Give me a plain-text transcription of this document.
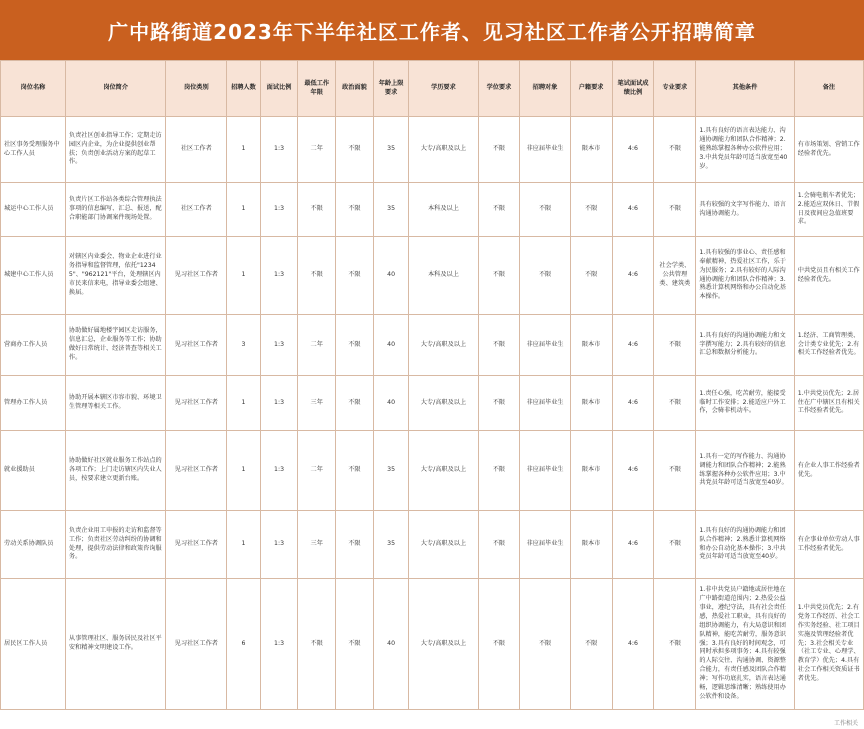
广中路街道2023年下半年社区工作者、见习社区工作者公开招聘简章
岗位名称	岗位简介	岗位类别	招聘人数	面试比例	最低工作年限	政治面貌	年龄上限要求	学历要求	学位要求	招聘对象	户籍要求	笔试面试成绩比例	专业要求	其他条件	备注
社区事务受理服务中心工作人员	负责社区创业指导工作；定期走访园区内企业，为企业提供创业帮扶；负责创业活动方案的起草工作。	社区工作者	1	1:3	二年	不限	35	大专/高职及以上	不限	非应届毕业生	限本市	4:6	不限	1.具有良好的语言表达能力、沟通协调能力和团队合作精神；2.能熟练掌握各种办公软件应用；3.中共党员年龄可适当放宽至40岁。	有市场策划、营销工作经验者优先。
城运中心工作人员	负责片区工作站各类综合管理执法事项的信息编写、汇总、报送，配合职能部门协调案件现场处置。	社区工作者	1	1:3	不限	不限	35	本科及以上	不限	不限	不限	4:6	不限	具有较强的文字写作能力、语言沟通协调能力。	1.会骑电瓶车者优先；2.能适应双休日、节假日及夜间应急值班要求。
城建中心工作人员	对辖区内业委会、物业企业进行业务指导和监督管理，依托"12345"、"962121"平台，处理辖区内市民来信来电，指导业委会组建、换届。	见习社区工作者	1	1:3	不限	不限	40	本科及以上	不限	不限	不限	4:6	社会学类、公共管理类、建筑类	1.具有较强的事业心、责任感和奉献精神，热爱社区工作，乐于为民服务；2.具有较好的人际沟通协调能力和团队合作精神；3.熟悉计算机网络和办公自动化基本操作。	中共党员且有相关工作经验者优先。
营商办工作人员	协助做好属地楼宇园区走访服务，信息汇总，企业服务等工作；协助做好日常统计、经济普查等相关工作。	见习社区工作者	3	1:3	二年	不限	40	大专/高职及以上	不限	非应届毕业生	限本市	4:6	不限	1.具有良好的沟通协调能力和文字撰写能力；2.具有较好的信息汇总和数据分析能力。	1.经济、工商管理类、会计类专业优先；2.有相关工作经验者优先。
管理办工作人员	协助开展本辖区市容市貌、环境卫生管理等相关工作。	见习社区工作者	1	1:3	三年	不限	40	大专/高职及以上	不限	非应届毕业生	限本市	4:6	不限	1.责任心强，吃苦耐劳，能接受临时工作安排；2.能适应户外工作，会骑非机动车。	1.中共党员优先；2.居住在广中辖区且有相关工作经验者优先。
就业援助员	协助做好社区就业服务工作站点的各项工作；上门走访辖区内失业人员，按要求建立更新台账。	见习社区工作者	1	1:3	二年	不限	35	大专/高职及以上	不限	非应届毕业生	限本市	4:6	不限	1.具有一定的写作能力、沟通协调能力和团队合作精神；2.能熟练掌握各种办公软件应用；3.中共党员年龄可适当放宽至40岁。	有企业人事工作经验者优先。
劳动关系协调队员	负责企业用工申报的走访和监督等工作；负责社区劳动纠纷的协调和处理，提供劳动法律和政策咨询服务。	见习社区工作者	1	1:3	三年	不限	35	大专/高职及以上	不限	非应届毕业生	限本市	4:6	不限	1.具有良好的沟通协调能力和团队合作精神；2.熟悉计算机网络和办公自动化基本操作；3.中共党员年龄可适当放宽至40岁。	有企事业单位劳动人事工作经验者优先。
居民区工作人员	从事管理社区、服务居民及社区平安和精神文明建设工作。	见习社区工作者	6	1:3	不限	不限	40	大专/高职及以上	不限	不限	不限	4:6	不限	1.非中共党员户籍地或居住地在广中路街道范围内；2.热爱公益事业，遵纪守法，具有社会责任感，热爱社工职业，具有良好的组织协调能力，有大局意识和团队精神，能吃苦耐劳，服务意识强；3.具有良好的时间观念，可同时承担多项事务；4.具有较强的人际交往、沟通协调、资源整合能力，有责任感及团队合作精神；写作功底扎实，语言表达通畅，逻辑思维清晰；熟练使用办公软件和设备。	1.中共党员优先；2.有党务工作经历、社会工作实务经验、社工项目实施及管理经验者优先；3.社会相关专业（社工专业、心理学、教育学）优先；4.具有社会工作相关资质证书者优先。
工作相关
